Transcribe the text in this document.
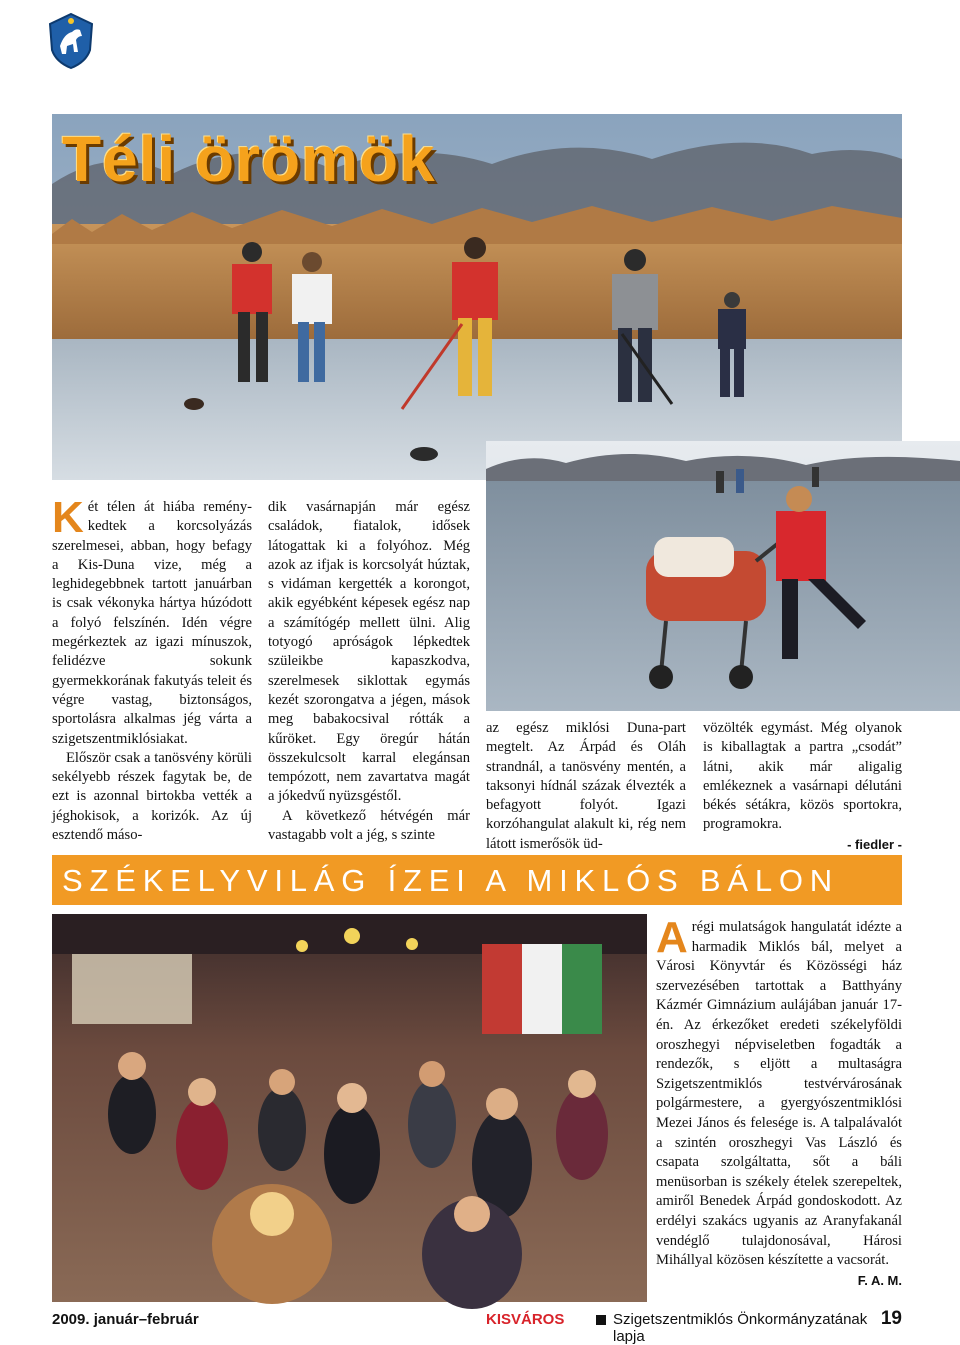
Téli örömök

Két télen át hiába remény-kedtek a korcsolyázás szerelmesei, abban, hogy befagy a Kis-Duna vize, még a leghidegebbnek tartott januárban is csak vékonyka hártya húzódott a folyó felszínén. Idén végre megérkeztek az igazi mínuszok, felidézve sokunk gyermekkorának fakutyás teleit és végre vastag, biztonságos, sportolásra alkalmas jég várta a szigetszentmiklósiakat.

Először csak a tanösvény körüli sekélyebb részek fagytak be, de ezt is azonnal birtokba vették a jéghokisok, a korizók. Az új esztendő máso-

dik vasárnapján már egész családok, fiatalok, idősek látogattak ki a folyóhoz. Még azok az ifjak is korcsolyát húztak, s vidáman kergették a korongot, akik egyébként képesek egész nap a számítógép mellett ülni. Alig totyogó apróságok lépkedtek szüleikbe kapaszkodva, szerelmesek siklottak egymás kezét szorongatva a jégen, mások meg babakocsival rótták a kűröket. Egy öregúr hátán összekulcsolt karral elegánsan tempózott, nem zavartatva magát a jókedvű nyüzsgéstől.

A következő hétvégén már vastagabb volt a jég, s szinte

az egész miklósi Duna-part megtelt. Az Árpád és Oláh strandnál, a tanösvény mentén, a taksonyi hídnál százak élvezték a befagyott folyót. Igazi korzóhangulat alakult ki, rég nem látott ismerősök üd-

vözölték egymást. Még olyanok is kiballagtak a partra „csodát” látni, akik már aligalig emlékeznek a vasárnapi délutáni békés sétákra, közös sportokra, programokra.

- fiedler -

SZÉKELYVILÁG ÍZEI A MIKLÓS BÁLON

A régi mulatságok hangulatát idézte a harmadik Miklós bál, melyet a Városi Könyvtár és Közösségi ház szervezésében tartottak a Batthyány Kázmér Gimnázium aulájában január 17-én. Az érkezőket eredeti székelyföldi oroszhegyi népviseletben fogadták a rendezők, s eljött a multaságra Szigetszentmiklós testvérvárosának polgármestere, a gyergyószentmiklósi Mezei János és felesége is. A talpalávalót a szintén oroszhegyi Vas László és csapata szolgáltatta, sőt a báli menüsorban is székely ételek szerepeltek, amiről Benedek Árpád gondoskodott. Az erdélyi szakács ugyanis az Aranyfakanál vendéglő tulajdonosával, Hárosi Mihállyal közösen készítette a vacsorát.

F. A. M.

2009. január–február	KISVÁROS	Szigetszentmiklós Önkormányzatának lapja
19
